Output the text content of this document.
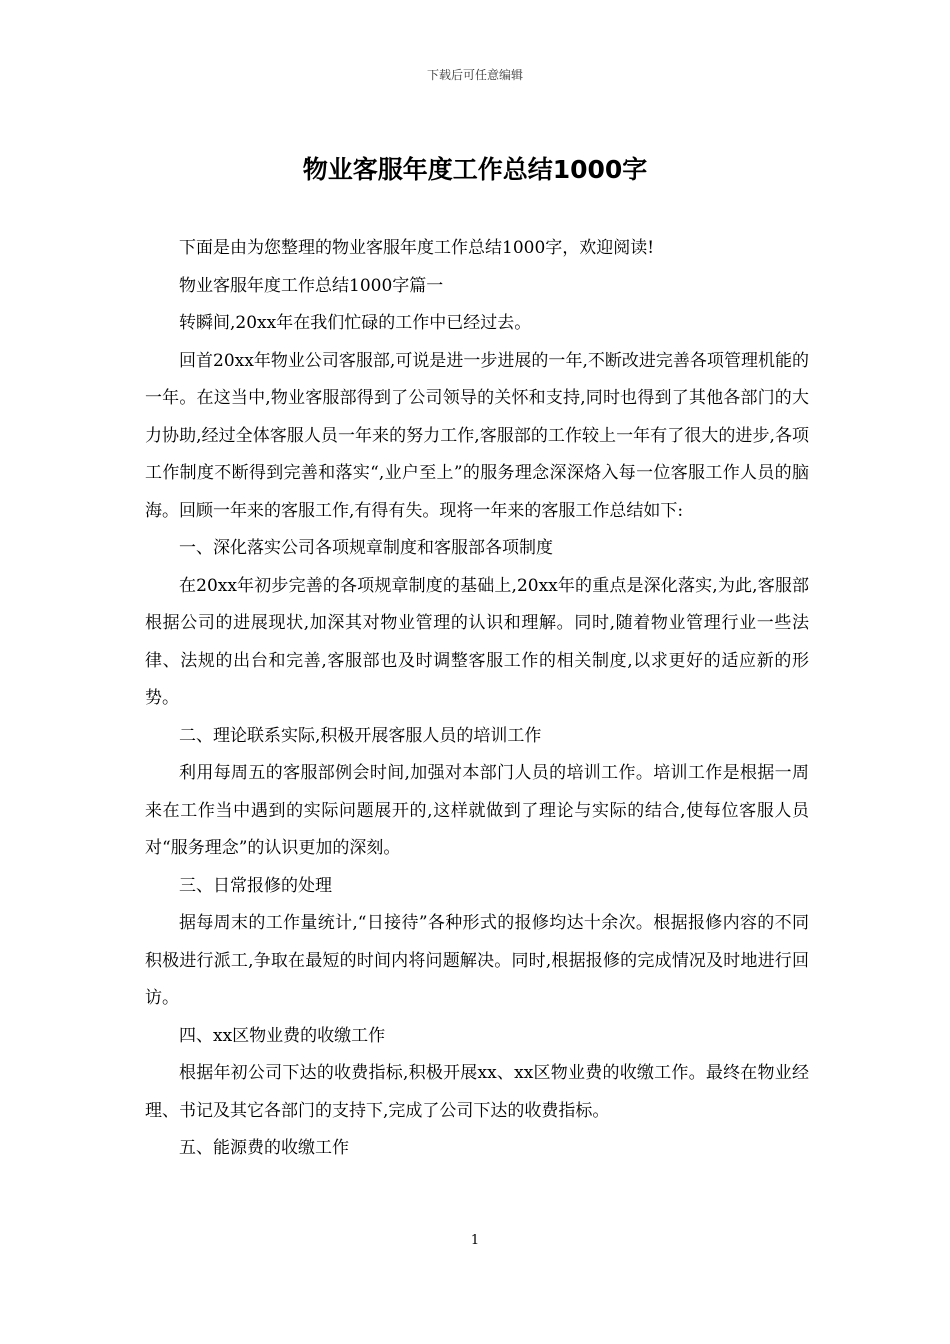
下载后可任意编辑
物业客服年度工作总结1000字

下面是由为您整理的物业客服年度工作总结1000字，欢迎阅读!

物业客服年度工作总结1000字篇一

转瞬间,20xx年在我们忙碌的工作中已经过去。

回首20xx年物业公司客服部,可说是进一步进展的一年,不断改进完善各项管理机能的一年。在这当中,物业客服部得到了公司领导的关怀和支持,同时也得到了其他各部门的大力协助,经过全体客服人员一年来的努力工作,客服部的工作较上一年有了很大的进步,各项工作制度不断得到完善和落实“,业户至上”的服务理念深深烙入每一位客服工作人员的脑海。回顾一年来的客服工作,有得有失。现将一年来的客服工作总结如下:

一、深化落实公司各项规章制度和客服部各项制度

在20xx年初步完善的各项规章制度的基础上,20xx年的重点是深化落实,为此,客服部根据公司的进展现状,加深其对物业管理的认识和理解。同时,随着物业管理行业一些法律、法规的出台和完善,客服部也及时调整客服工作的相关制度,以求更好的适应新的形势。

二、理论联系实际,积极开展客服人员的培训工作

利用每周五的客服部例会时间,加强对本部门人员的培训工作。培训工作是根据一周来在工作当中遇到的实际问题展开的,这样就做到了理论与实际的结合,使每位客服人员对“服务理念”的认识更加的深刻。

三、日常报修的处理

据每周末的工作量统计,“日接待”各种形式的报修均达十余次。根据报修内容的不同积极进行派工,争取在最短的时间内将问题解决。同时,根据报修的完成情况及时地进行回访。

四、xx区物业费的收缴工作

根据年初公司下达的收费指标,积极开展xx、xx区物业费的收缴工作。最终在物业经理、书记及其它各部门的支持下,完成了公司下达的收费指标。

五、能源费的收缴工作

1
